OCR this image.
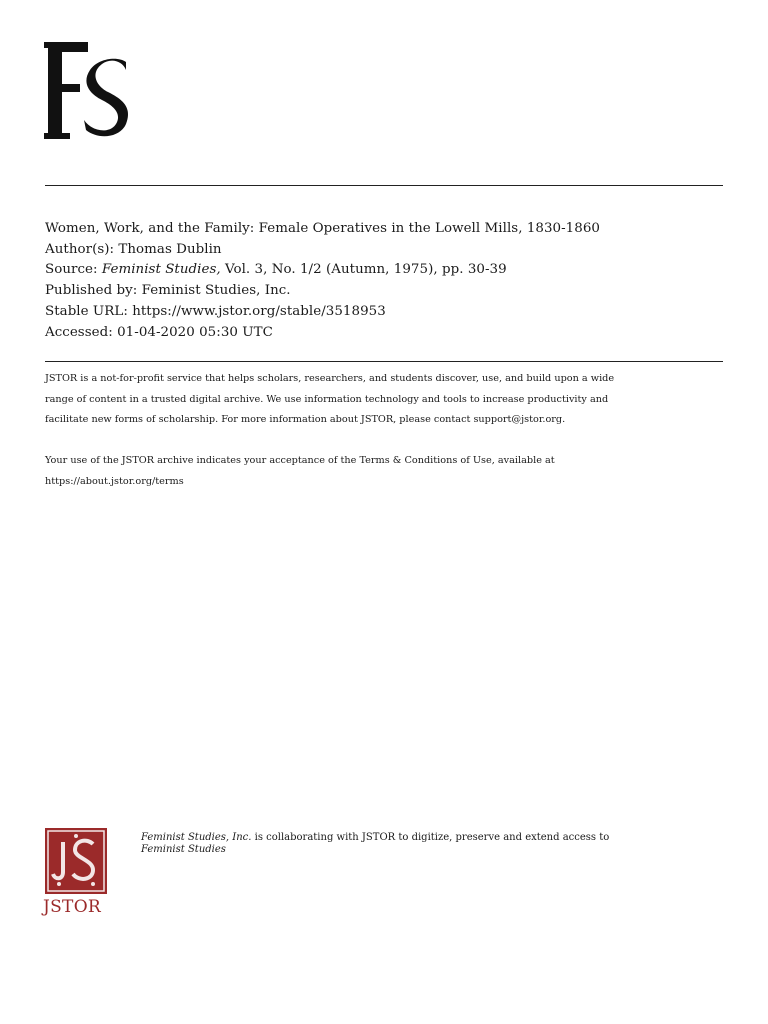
Women, Work, and the Family: Female Operatives in the Lowell Mills, 1830-1860
Author(s): Thomas Dublin
Source: Feminist Studies, Vol. 3, No. 1/2 (Autumn, 1975), pp. 30-39
Published by: Feminist Studies, Inc.
Stable URL: https://www.jstor.org/stable/3518953
Accessed: 01-04-2020 05:30 UTC
JSTOR is a not-for-profit service that helps scholars, researchers, and students discover, use, and build upon a wide
range of content in a trusted digital archive. We use information technology and tools to increase productivity and
facilitate new forms of scholarship. For more information about JSTOR, please contact support@jstor.org.
Your use of the JSTOR archive indicates your acceptance of the Terms & Conditions of Use, available at
https://about.jstor.org/terms
JSTOR
Feminist Studies, Inc. is collaborating with JSTOR to digitize, preserve and extend access to
Feminist Studies
